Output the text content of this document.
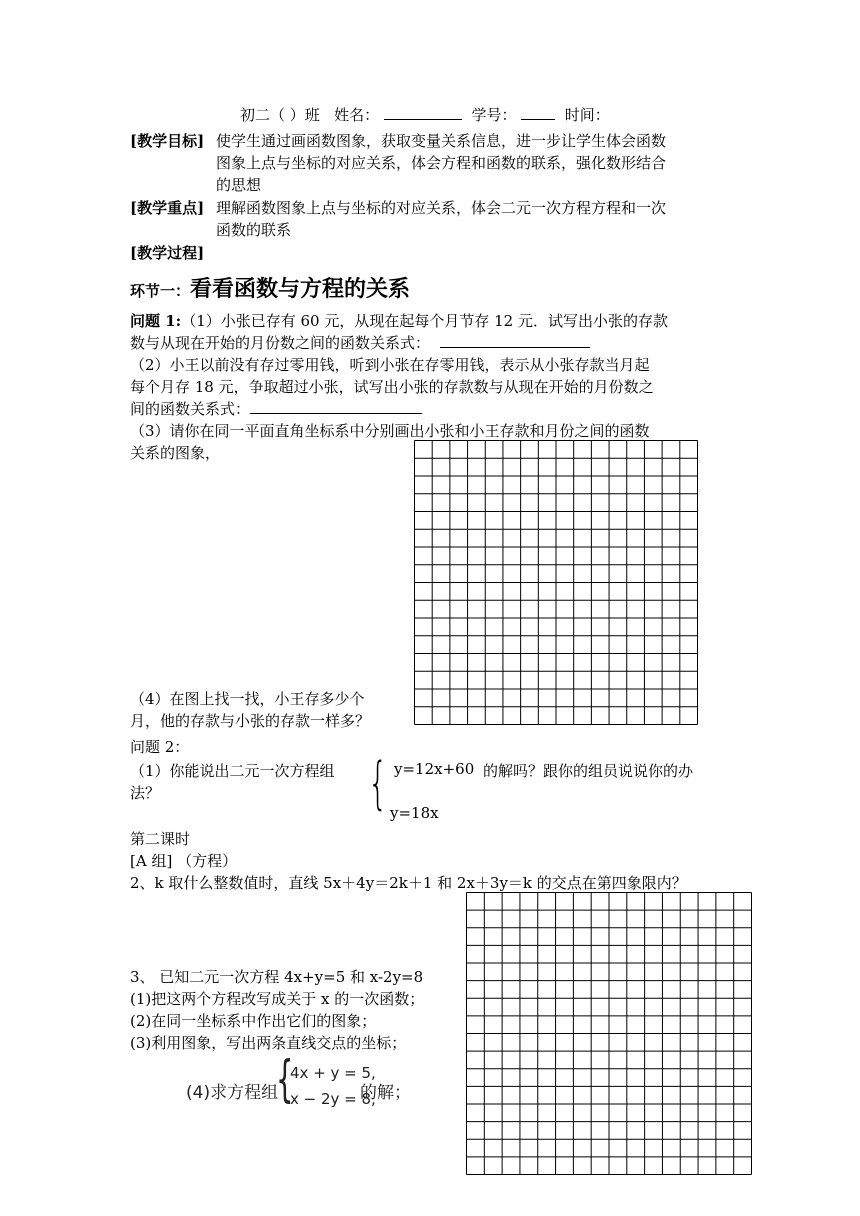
初二（ ）班 姓名：	学号：	时间：
[教学目标] 使学生通过画函数图象，获取变量关系信息，进一步让学生体会函数
图象上点与坐标的对应关系，体会方程和函数的联系，强化数形结合
的思想
[教学重点] 理解函数图象上点与坐标的对应关系，体会二元一次方程方程和一次
函数的联系
[教学过程]
环节一：看看函数与方程的关系
问题 1:（1）小张已存有 60 元，从现在起每个月节存 12 元．试写出小张的存款
数与从现在开始的月份数之间的函数关系式：
（2）小王以前没有存过零用钱，听到小张在存零用钱，表示从小张存款当月起
每个月存 18 元，争取超过小张，试写出小张的存款数与从现在开始的月份数之
间的函数关系式：
（3）请你在同一平面直角坐标系中分别画出小张和小王存款和月份之间的函数
关系的图象，
（4）在图上找一找，小王存多少个
月，他的存款与小张的存款一样多？
问题 2：
（1）你能说出二元一次方程组 { y=12x+60 的解吗？跟你的组员说说你的办
法？
y=18x
第二课时
[A 组] （方程）
2、k 取什么整数值时，直线 5x＋4y＝2k＋1 和 2x＋3y＝k 的交点在第四象限内？
3、 已知二元一次方程 4x+y=5 和 x-2y=8
(1)把这两个方程改写成关于 x 的一次函数；
(2)在同一坐标系中作出它们的图象；
(3)利用图象，写出两条直线交点的坐标；
(4)求方程组
{
4x + y = 5,
x − 2y = 8,
的解；
